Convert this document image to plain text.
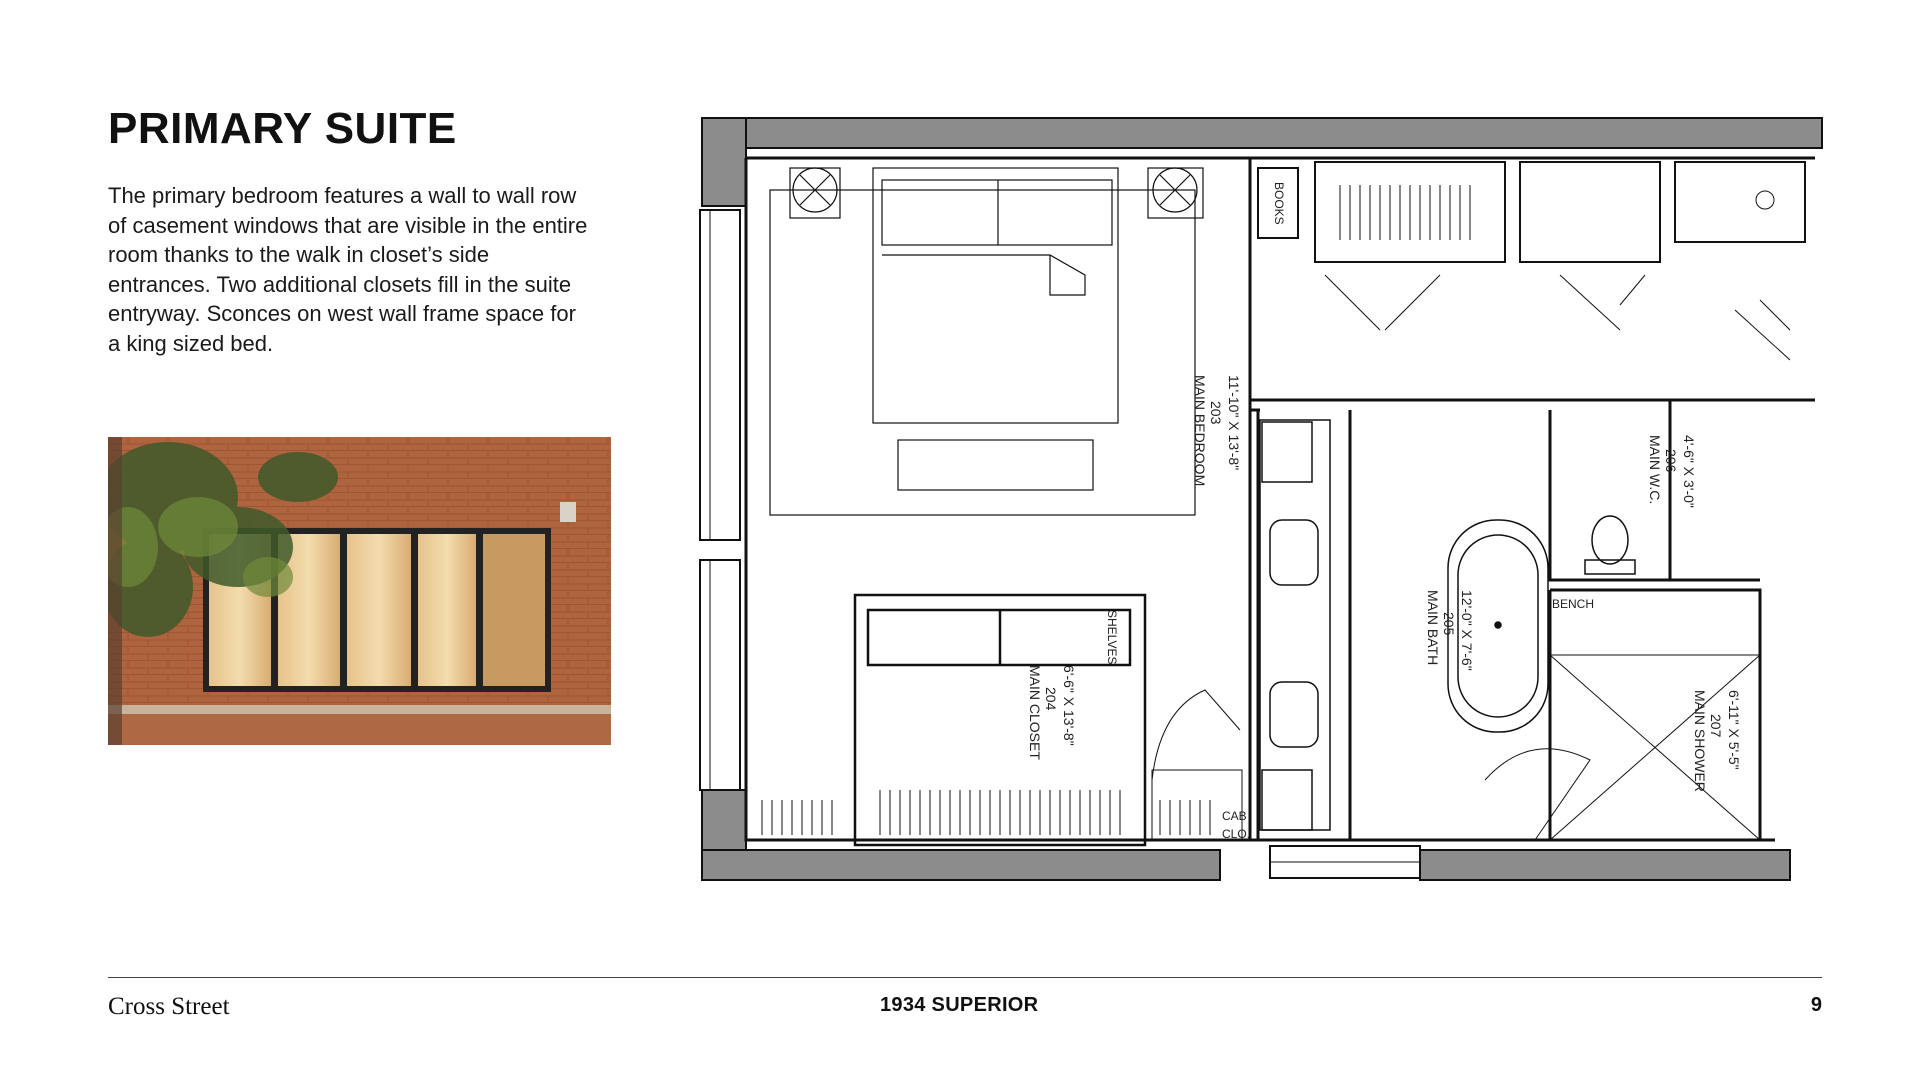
PRIMARY SUITE

The primary bedroom features a wall to wall row of casement windows that are visible in the entire room thanks to the walk in closet’s side entrances. Two additional closets fill in the suite entryway. Sconces on west wall frame space for a king sized bed.

BOOKS
SHELVES
BENCH
CAB
CLO.
MAIN BEDROOM 203 11'-10" X 13'-8"
MAIN CLOSET 204 6'-6" X 13'-8"
MAIN BATH 205 12'-0" X 7'-6"
MAIN W.C. 206 4'-6" X 3'-0"
MAIN SHOWER 207 6'-11" X 5'-5"
Cross Street	1934 SUPERIOR	9
